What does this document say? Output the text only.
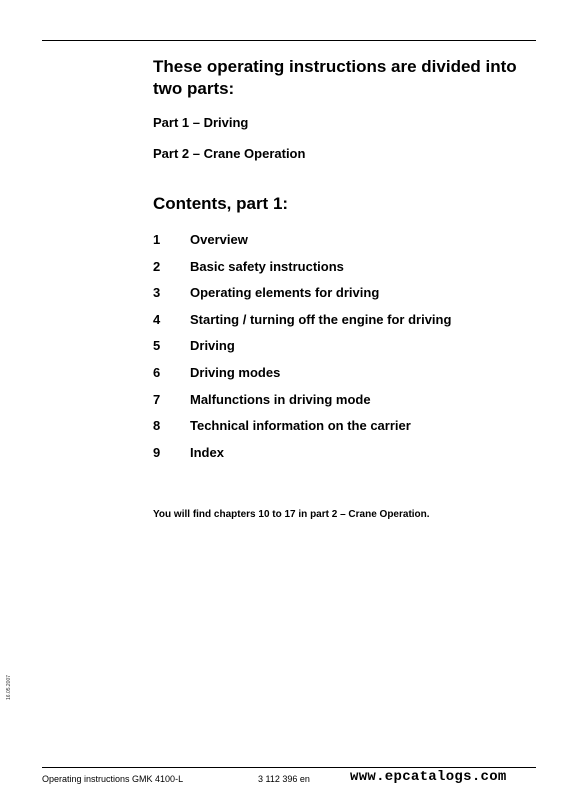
These operating instructions are divided into two parts:
Part 1 – Driving
Part 2 – Crane Operation
Contents, part 1:
1	Overview
2	Basic safety instructions
3	Operating elements for driving
4	Starting / turning off the engine for driving
5	Driving
6	Driving modes
7	Malfunctions in driving mode
8	Technical information on the carrier
9	Index
You will find chapters 10 to 17 in part 2 – Crane Operation.
16.05.2007
Operating instructions GMK 4100-L	3 112 396 en	www.epcatalogs.com
